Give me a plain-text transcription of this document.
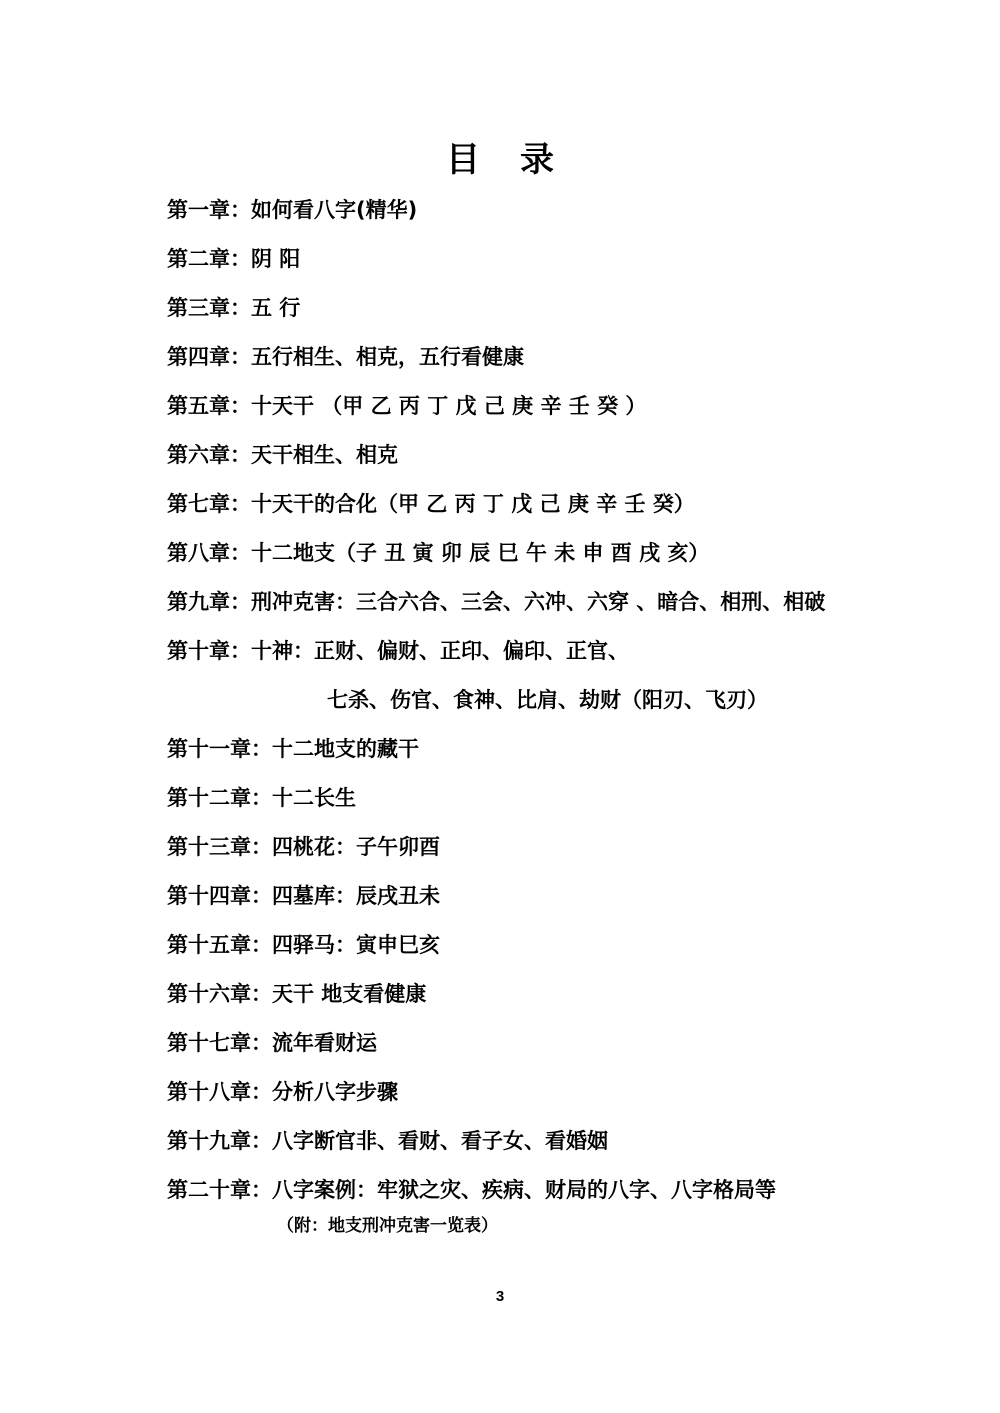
目 录
第一章：如何看八字(精华)
第二章：阴 阳
第三章：五 行
第四章：五行相生、相克，五行看健康
第五章：十天干 （甲 乙 丙 丁 戊 己 庚 辛 壬 癸 ）
第六章：天干相生、相克
第七章：十天干的合化（甲 乙 丙 丁 戊 己 庚 辛 壬 癸）
第八章：十二地支（子 丑 寅 卯 辰 巳 午 未 申 酉 戌 亥）
第九章：刑冲克害：三合六合、三会、六冲、六穿 、暗合、相刑、相破
第十章：十神：正财、偏财、正印、偏印、正官、
七杀、伤官、食神、比肩、劫财（阳刃、飞刃）
第十一章：十二地支的藏干
第十二章：十二长生
第十三章：四桃花：子午卯酉
第十四章：四墓库：辰戌丑未
第十五章：四驿马：寅申巳亥
第十六章：天干 地支看健康
第十七章：流年看财运
第十八章：分析八字步骤
第十九章：八字断官非、看财、看子女、看婚姻
第二十章：八字案例：牢狱之灾、疾病、财局的八字、八字格局等
（附：地支刑冲克害一览表）
3
